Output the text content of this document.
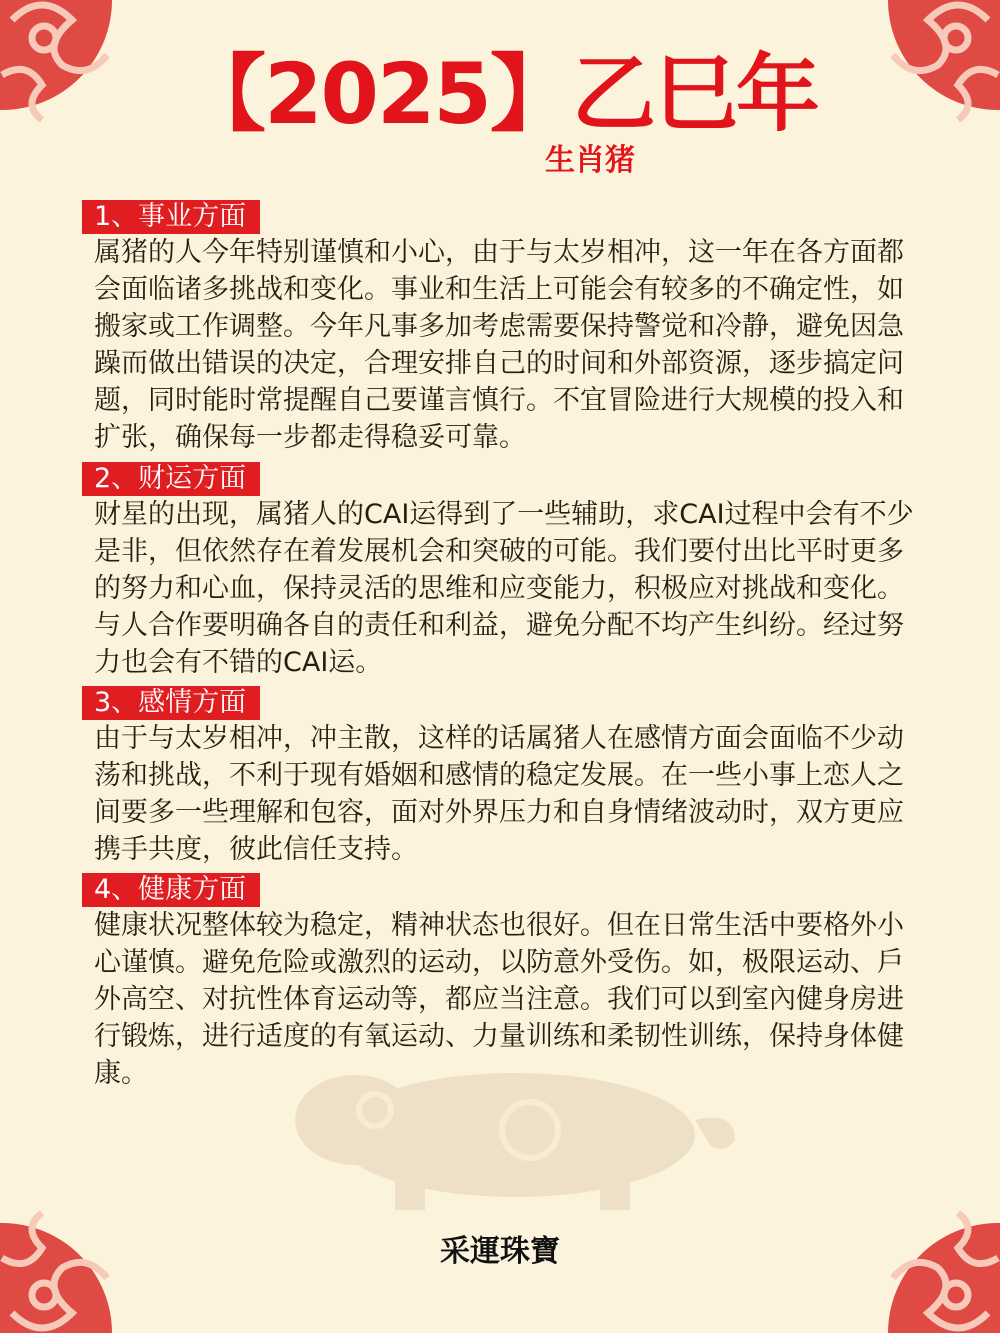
【2025】乙巳年
生肖猪
1、事业方面

属猪的人今年特别谨慎和小心，由于与太岁相冲，这一年在各方面都会面临诸多挑战和变化。事业和生活上可能会有较多的不确定性，如搬家或工作调整。今年凡事多加考虑需要保持警觉和冷静，避免因急躁而做出错误的决定，合理安排自己的时间和外部资源，逐步搞定问题，同时能时常提醒自己要谨言慎行。不宜冒险进行大规模的投入和扩张，确保每一步都走得稳妥可靠。

2、财运方面

财星的出现，属猪人的CAI运得到了一些辅助，求CAI过程中会有不少是非，但依然存在着发展机会和突破的可能。我们要付出比平时更多的努力和心血，保持灵活的思维和应变能力，积极应对挑战和变化。与人合作要明确各自的责任和利益，避免分配不均产生纠纷。经过努力也会有不错的CAI运。

3、感情方面

由于与太岁相冲，冲主散，这样的话属猪人在感情方面会面临不少动荡和挑战，不利于现有婚姻和感情的稳定发展。在一些小事上恋人之间要多一些理解和包容，面对外界压力和自身情绪波动时，双方更应携手共度，彼此信任支持。

4、健康方面

健康状况整体较为稳定，精神状态也很好。但在日常生活中要格外小心谨慎。避免危险或激烈的运动，以防意外受伤。如，极限运动、戶外高空、对抗性体育运动等，都应当注意。我们可以到室內健身房进行锻炼，进行适度的有氧运动、力量训练和柔韧性训练，保持身体健康。

采運珠寶
